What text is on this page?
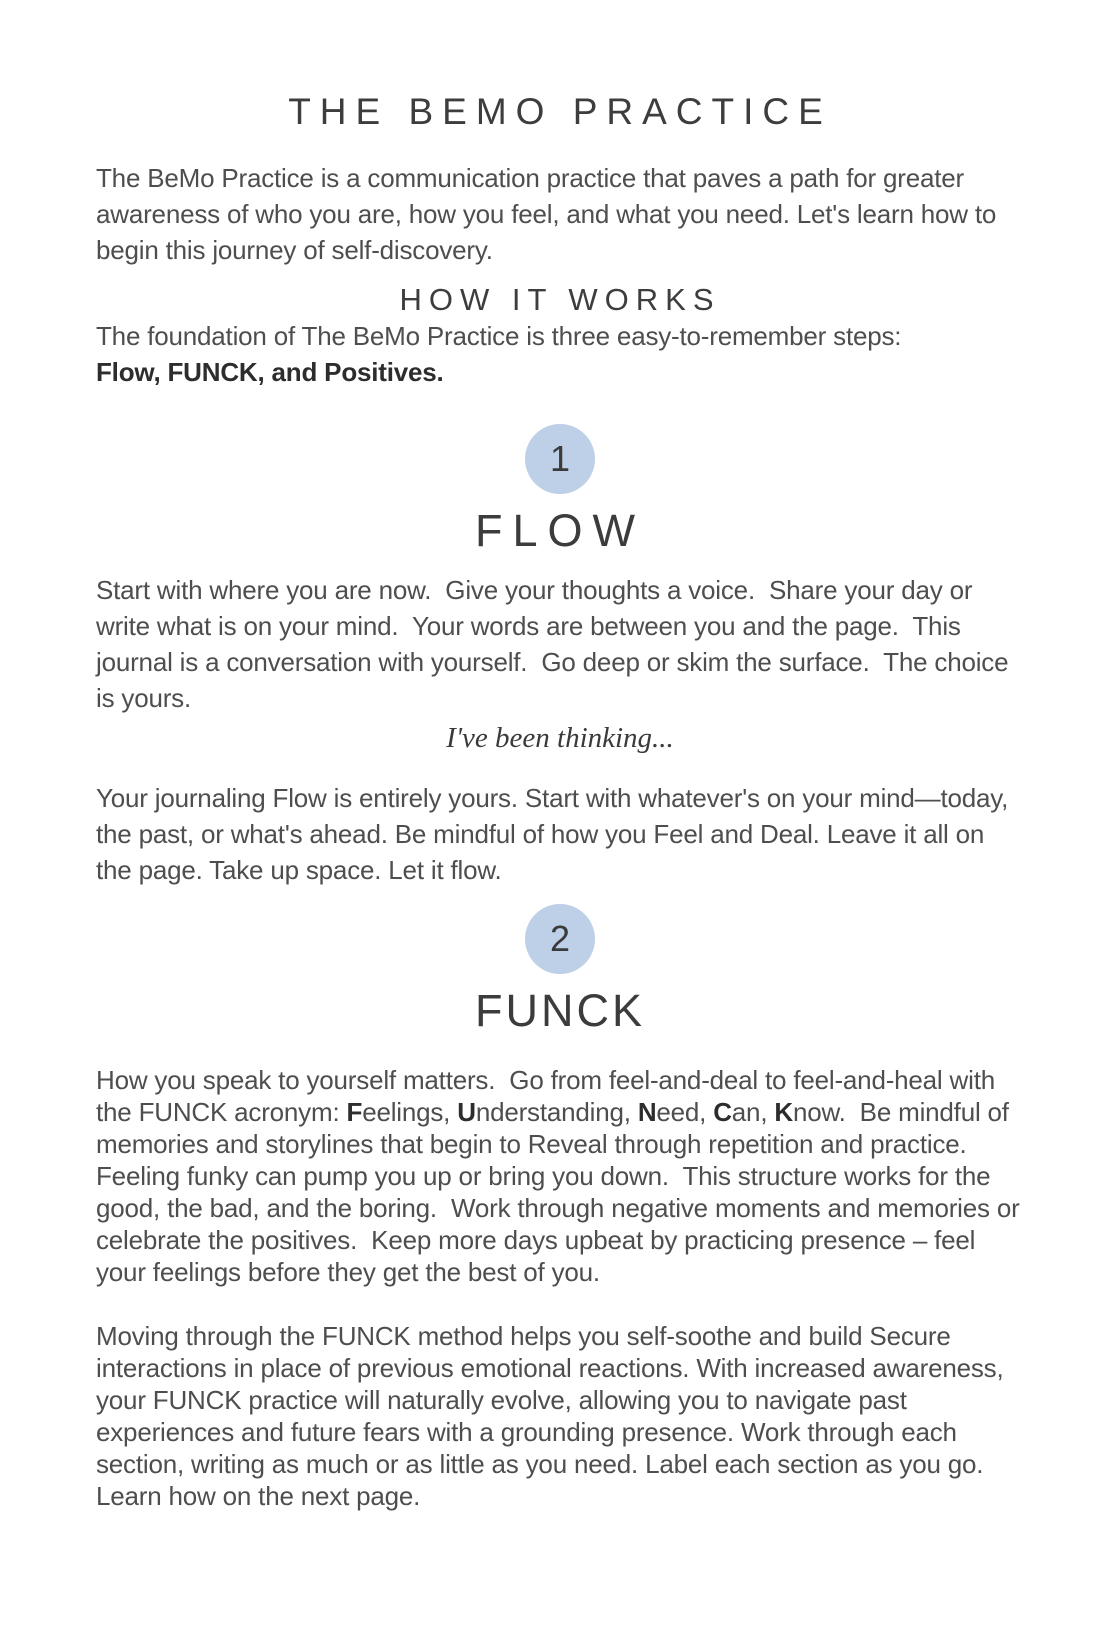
THE BEMO PRACTICE

The BeMo Practice is a communication practice that paves a path for greater awareness of who you are, how you feel, and what you need. Let's learn how to begin this journey of self-discovery.

HOW IT WORKS

The foundation of The BeMo Practice is three easy-to-remember steps:
Flow, FUNCK, and Positives.

1
FLOW

Start with where you are now.  Give your thoughts a voice.  Share your day or write what is on your mind.  Your words are between you and the page.  This journal is a conversation with yourself.  Go deep or skim the surface.  The choice is yours.

I've been thinking...

Your journaling Flow is entirely yours. Start with whatever's on your mind—today, the past, or what's ahead. Be mindful of how you Feel and Deal. Leave it all on the page. Take up space. Let it flow.

2
FUNCK

How you speak to yourself matters.  Go from feel-and-deal to feel-and-heal with the FUNCK acronym: Feelings, Understanding, Need, Can, Know.  Be mindful of memories and storylines that begin to Reveal through repetition and practice.  Feeling funky can pump you up or bring you down.  This structure works for the good, the bad, and the boring.  Work through negative moments and memories or celebrate the positives.  Keep more days upbeat by practicing presence – feel your feelings before they get the best of you.

Moving through the FUNCK method helps you self-soothe and build Secure interactions in place of previous emotional reactions. With increased awareness, your FUNCK practice will naturally evolve, allowing you to navigate past experiences and future fears with a grounding presence. Work through each section, writing as much or as little as you need. Label each section as you go. Learn how on the next page.
